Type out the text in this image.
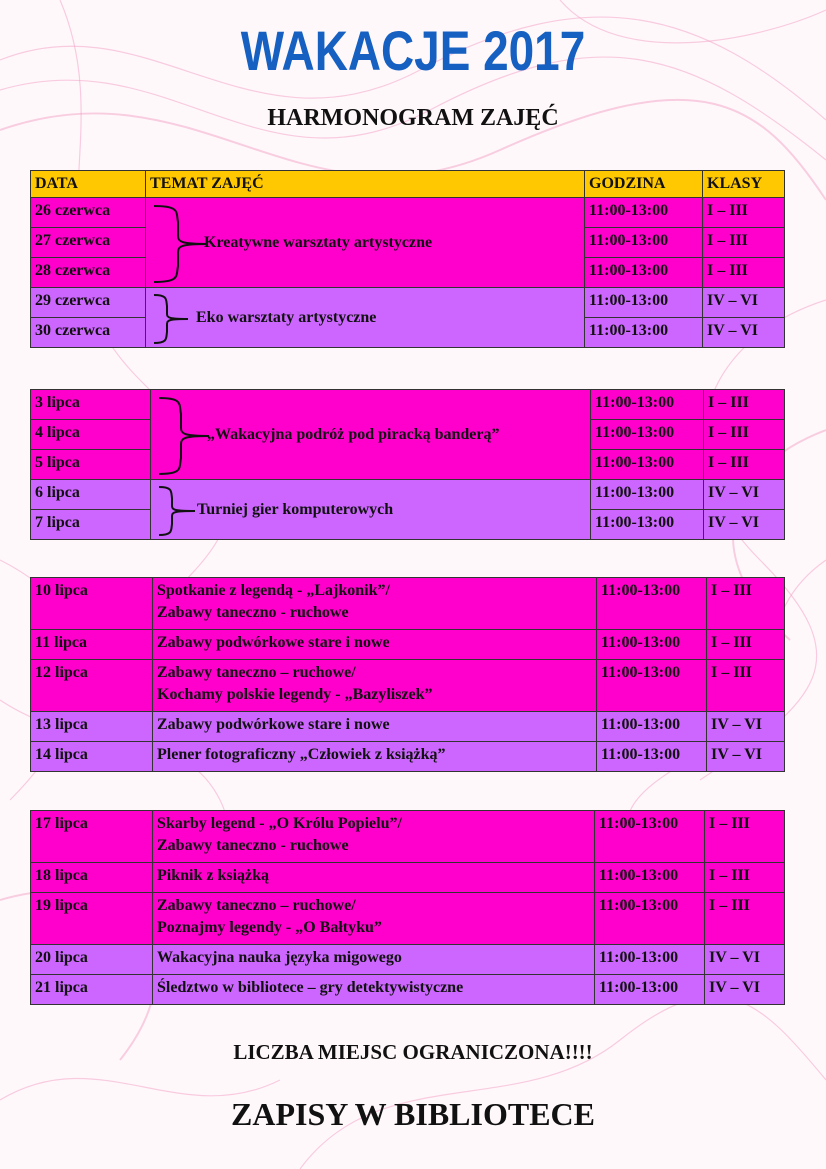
WAKACJE 2017
HARMONOGRAM ZAJĘĆ
DATA	TEMAT ZAJĘĆ	GODZINA	KLASY
26 czerwca	Kreatywne warsztaty artystyczne	11:00-13:00	I – III
27 czerwca		11:00-13:00	I – III
28 czerwca		11:00-13:00	I – III
29 czerwca	Eko warsztaty artystyczne	11:00-13:00	IV – VI
30 czerwca		11:00-13:00	IV – VI
3 lipca	„Wakacyjna podróż pod piracką banderą”	11:00-13:00	I – III
4 lipca		11:00-13:00	I – III
5 lipca		11:00-13:00	I – III
6 lipca	Turniej gier komputerowych	11:00-13:00	IV – VI
7 lipca		11:00-13:00	IV – VI
10 lipca	Spotkanie z legendą - „Lajkonik”/
Zabawy taneczno - ruchowe	11:00-13:00	I – III
11 lipca	Zabawy podwórkowe stare i nowe	11:00-13:00	I – III
12 lipca	Zabawy taneczno – ruchowe/
Kochamy polskie legendy - „Bazyliszek”	11:00-13:00	I – III
13 lipca	Zabawy podwórkowe stare i nowe	11:00-13:00	IV – VI
14 lipca	Plener fotograficzny „Człowiek z książką”	11:00-13:00	IV – VI
17 lipca	Skarby legend - „O Królu Popielu”/
Zabawy taneczno - ruchowe	11:00-13:00	I – III
18 lipca	Piknik z książką	11:00-13:00	I – III
19 lipca	Zabawy taneczno – ruchowe/
Poznajmy legendy - „O Bałtyku”	11:00-13:00	I – III
20 lipca	Wakacyjna nauka języka migowego	11:00-13:00	IV – VI
21 lipca	Śledztwo w bibliotece – gry detektywistyczne	11:00-13:00	IV – VI
LICZBA MIEJSC OGRANICZONA!!!!
ZAPISY W BIBLIOTECE
